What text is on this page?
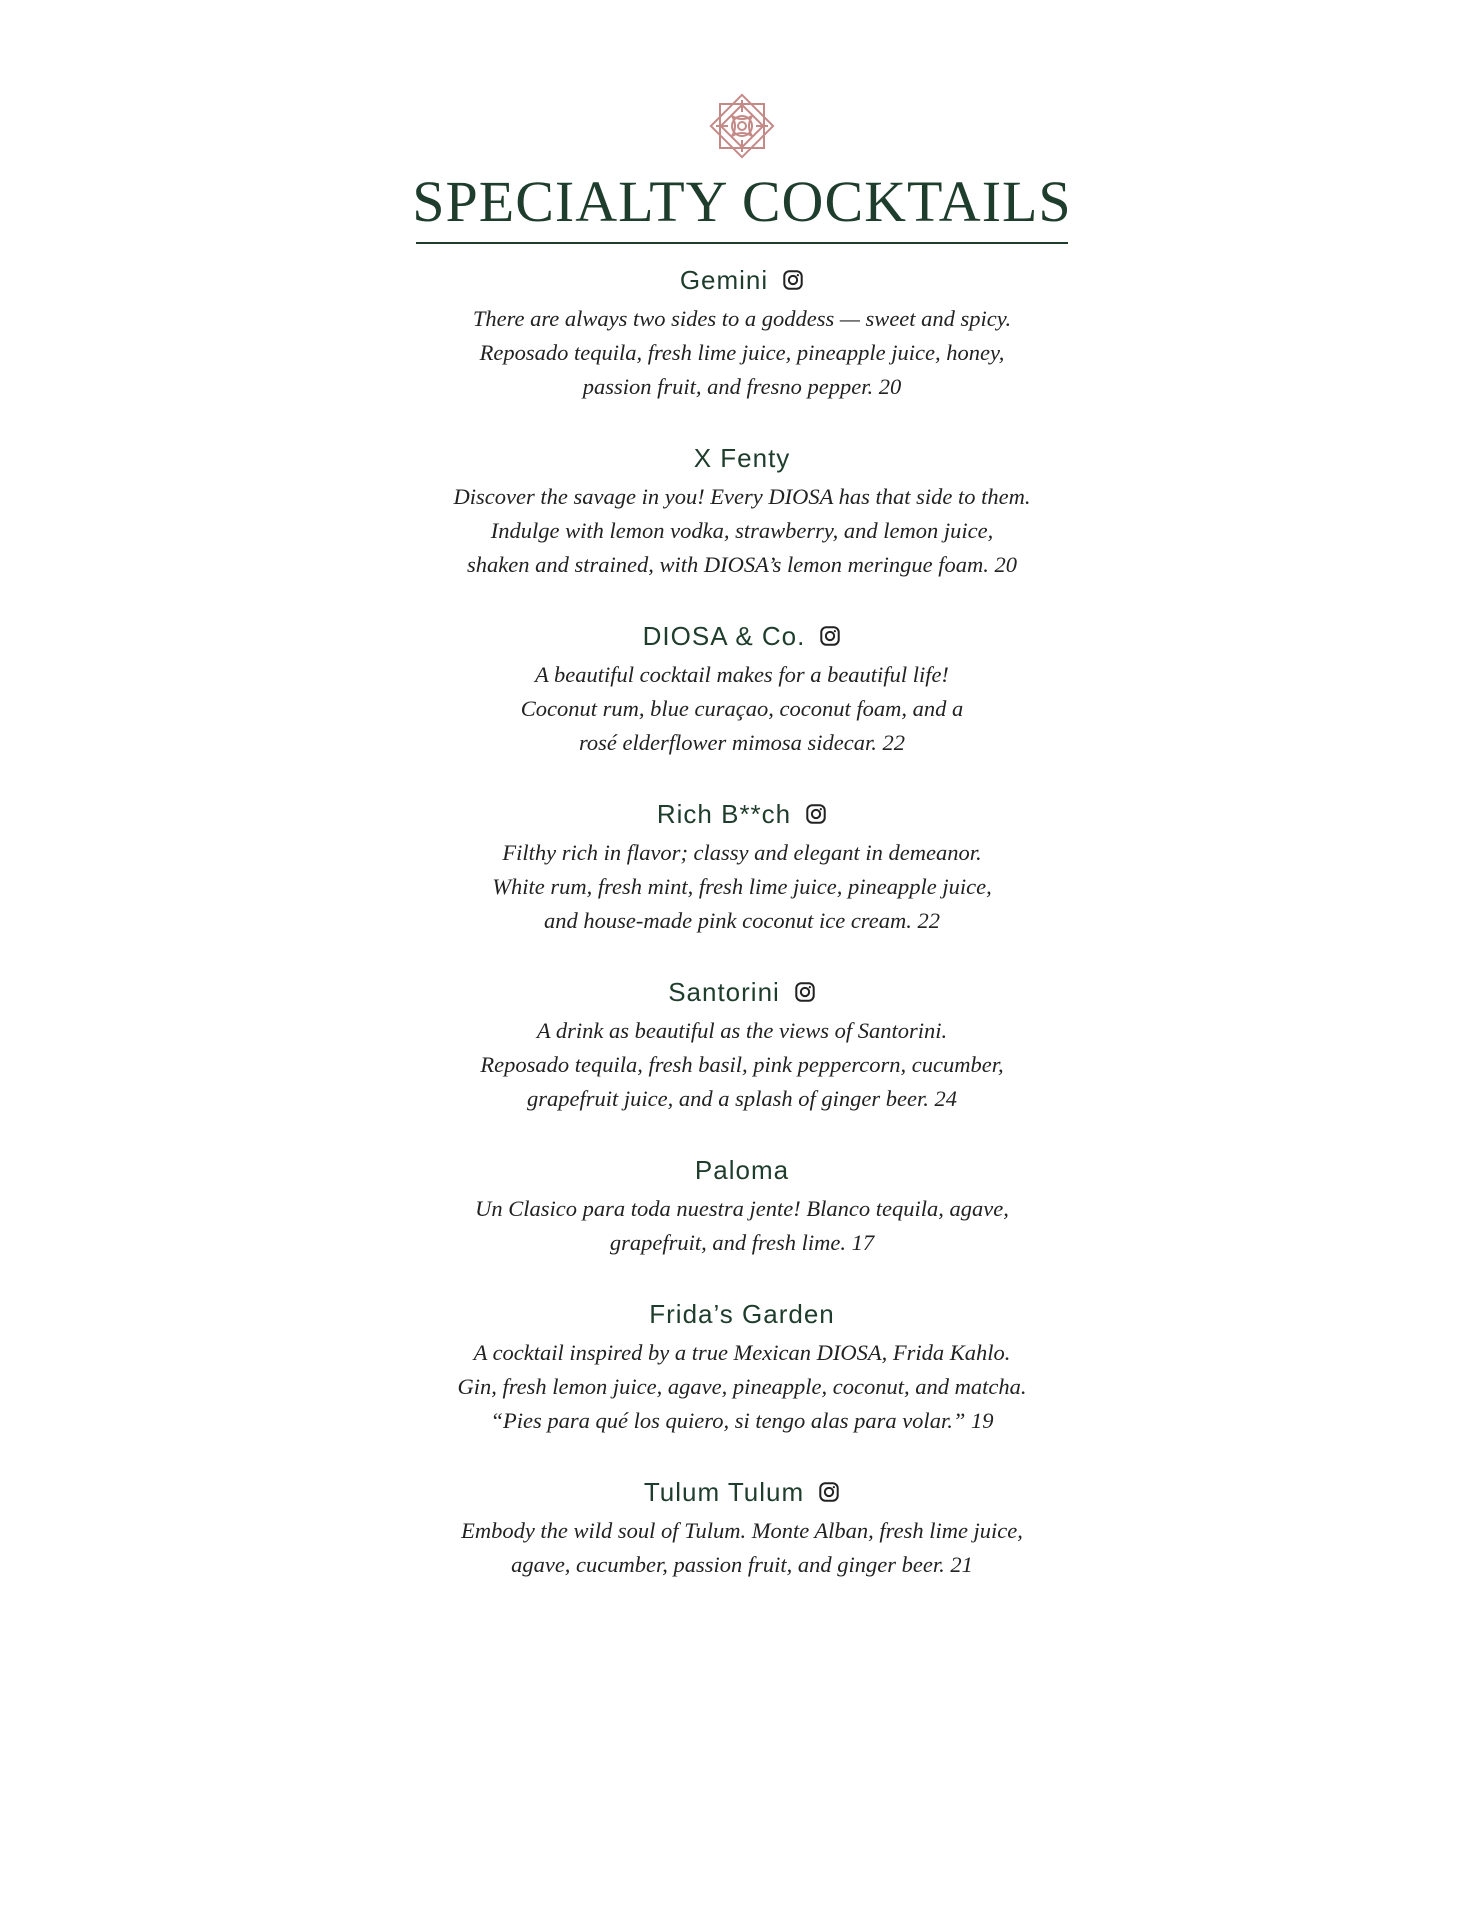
SPECIALTY COCKTAILS
Gemini

There are always two sides to a goddess — sweet and spicy.
Reposado tequila, fresh lime juice, pineapple juice, honey,
passion fruit, and fresno pepper. 20

X Fenty

Discover the savage in you! Every DIOSA has that side to them.
Indulge with lemon vodka, strawberry, and lemon juice,
shaken and strained, with DIOSA’s lemon meringue foam. 20

DIOSA & Co.

A beautiful cocktail makes for a beautiful life!
Coconut rum, blue curaçao, coconut foam, and a
rosé elderflower mimosa sidecar. 22

Rich B**ch

Filthy rich in flavor; classy and elegant in demeanor.
White rum, fresh mint, fresh lime juice, pineapple juice,
and house-made pink coconut ice cream. 22

Santorini

A drink as beautiful as the views of Santorini.
Reposado tequila, fresh basil, pink peppercorn, cucumber,
grapefruit juice, and a splash of ginger beer. 24

Paloma

Un Clasico para toda nuestra jente! Blanco tequila, agave,
grapefruit, and fresh lime. 17

Frida’s Garden

A cocktail inspired by a true Mexican DIOSA, Frida Kahlo.
Gin, fresh lemon juice, agave, pineapple, coconut, and matcha.
“Pies para qué los quiero, si tengo alas para volar.” 19

Tulum Tulum

Embody the wild soul of Tulum. Monte Alban, fresh lime juice,
agave, cucumber, passion fruit, and ginger beer. 21
